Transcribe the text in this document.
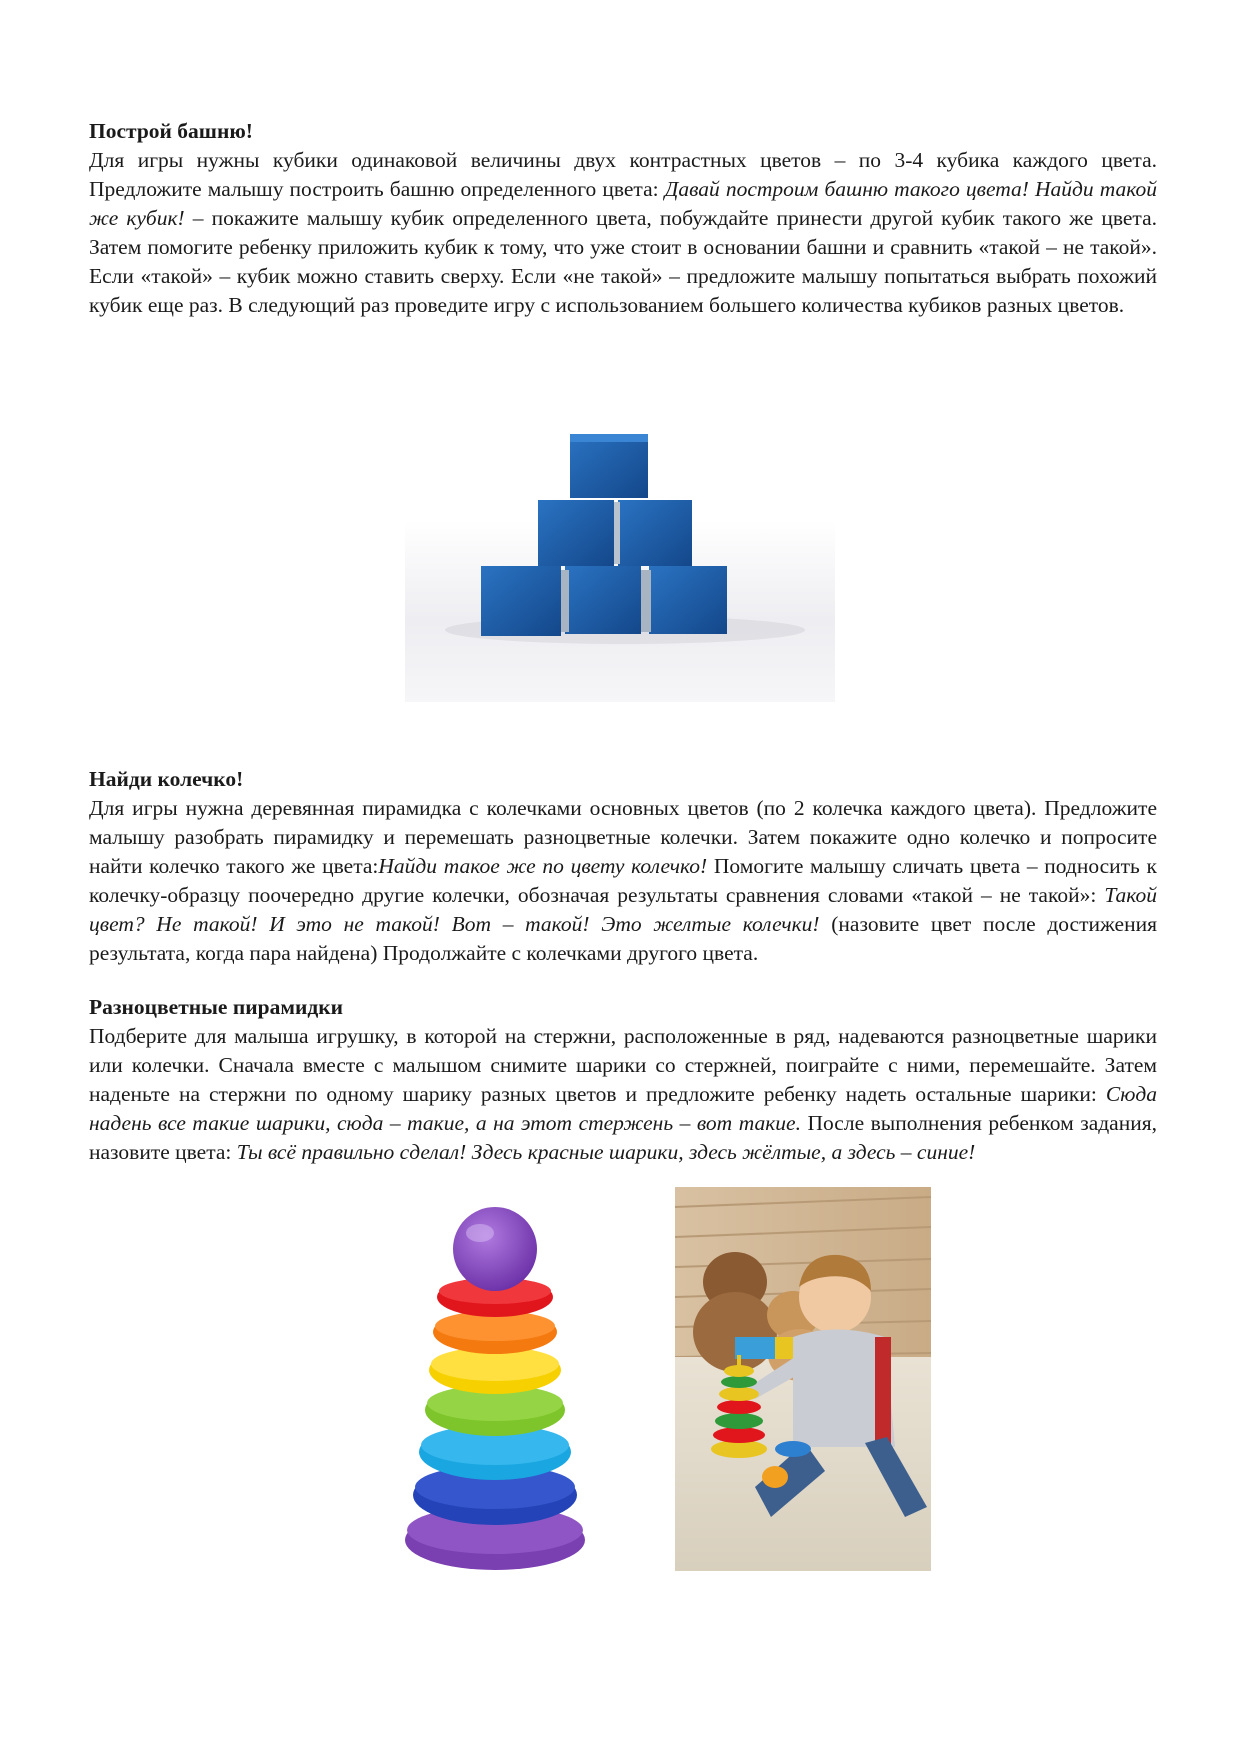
Построй башню!

Для игры нужны кубики одинаковой величины двух контрастных цветов – по 3-4 кубика каждого цвета. Предложите малышу построить башню определенного цвета: Давай построим башню такого цвета! Найди такой же кубик! – покажите малышу кубик определенного цвета, побуждайте принести другой кубик такого же цвета. Затем помогите ребенку приложить кубик к тому, что уже стоит в основании башни и сравнить «такой – не такой». Если «такой» – кубик можно ставить сверху. Если «не такой» – предложите малышу попытаться выбрать похожий кубик еще раз. В следующий раз проведите игру с использованием большего количества кубиков разных цветов.

Найди колечко!

Для игры нужна деревянная пирамидка с колечками основных цветов (по 2 колечка каждого цвета). Предложите малышу разобрать пирамидку и перемешать разноцветные колечки. Затем покажите одно колечко и попросите найти колечко такого же цвета:Найди такое же по цвету колечко! Помогите малышу сличать цвета – подносить к колечку-образцу поочередно другие колечки, обозначая результаты сравнения словами «такой – не такой»: Такой цвет? Не такой! И это не такой! Вот – такой! Это желтые колечки! (назовите цвет после достижения результата, когда пара найдена) Продолжайте с колечками другого цвета.

Разноцветные пирамидки

Подберите для малыша игрушку, в которой на стержни, расположенные в ряд, надеваются разноцветные шарики или колечки. Сначала вместе с малышом снимите шарики со стержней, поиграйте с ними, перемешайте. Затем наденьте на стержни по одному шарику разных цветов и предложите ребенку надеть остальные шарики: Сюда надень все такие шарики, сюда – такие, а на этот стержень – вот такие. После выполнения ребенком задания, назовите цвета: Ты всё правильно сделал! Здесь красные шарики, здесь жёлтые, а здесь – синие!
